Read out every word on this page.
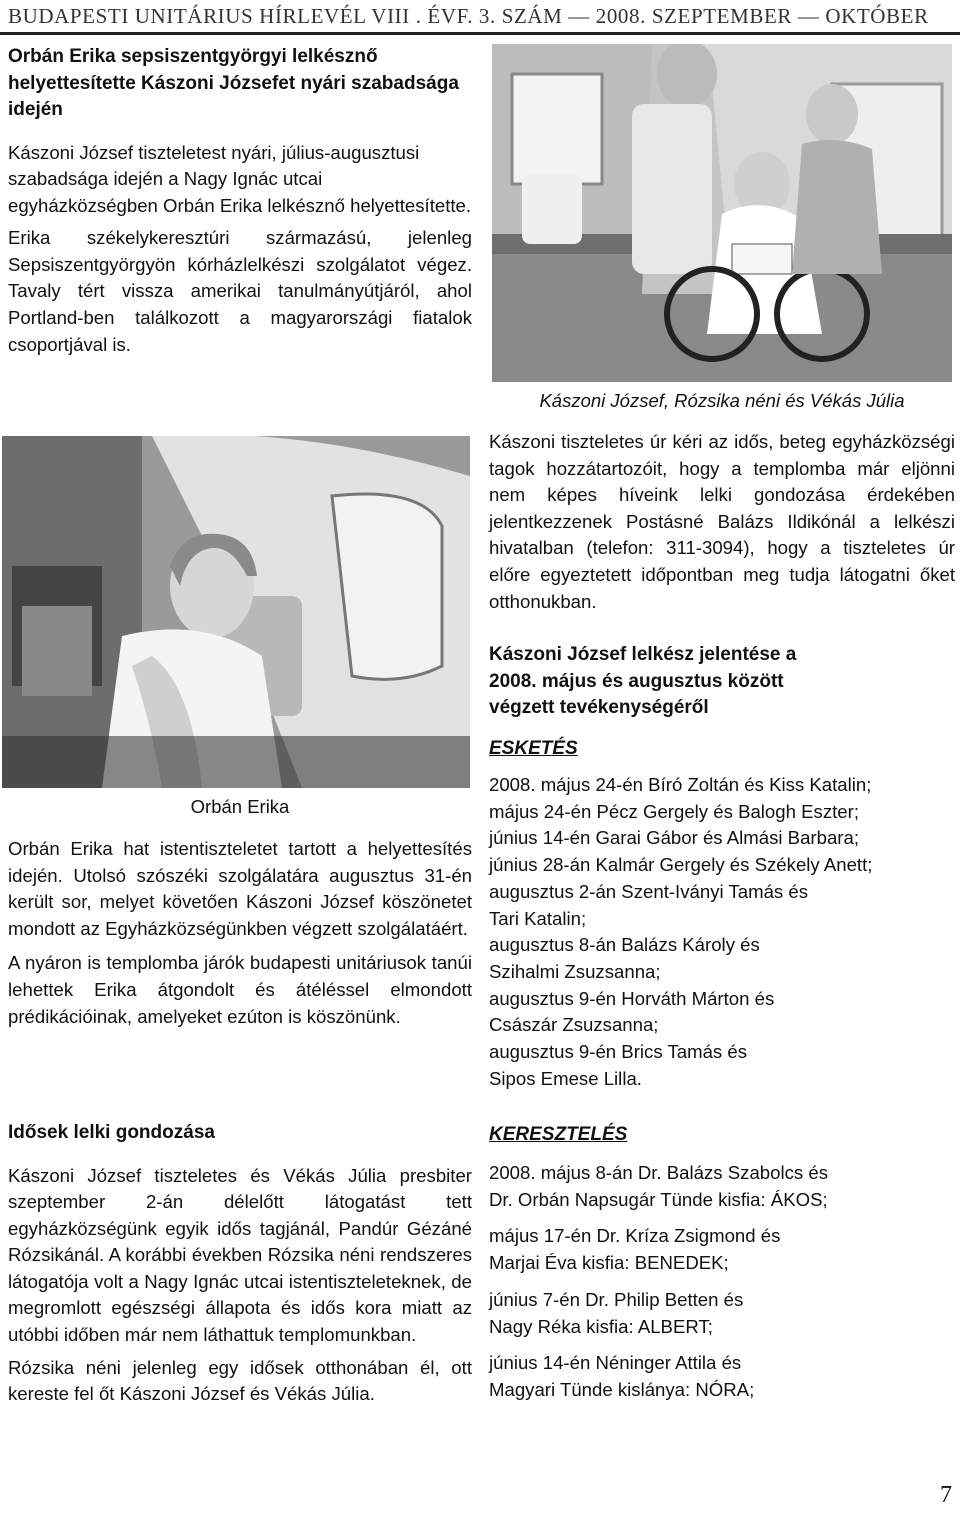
BUDAPESTI UNITÁRIUS HÍRLEVÉL VIII . ÉVF. 3. SZÁM — 2008. SZEPTEMBER — OKTÓBER
Orbán Erika sepsiszentgyörgyi lelkésznő helyettesítette Kászoni Józsefet nyári szabadsága idején

Kászoni József tiszteletest nyári, július-augusztusi szabadsága idején a Nagy Ignác utcai egyházközségben Orbán Erika lelkésznő helyettesítette.

Erika székelykeresztúri származású, jelenleg Sepsiszentgyörgyön kórházlelkészi szolgálatot végez. Tavaly tért vissza amerikai tanulmányútjáról, ahol Portland-ben találkozott a magyarországi fiatalok csoportjával is.

Orbán Erika

Orbán Erika hat istentiszteletet tartott a helyettesítés idején. Utolsó szószéki szolgálatára augusztus 31-én került sor, melyet követően Kászoni József köszönetet mondott az Egyházközségünkben végzett szolgálatáért.

A nyáron is templomba járók budapesti unitáriusok tanúi lehettek Erika átgondolt és átéléssel elmondott prédikációinak, amelyeket ezúton is köszönünk.

Idősek lelki gondozása

Kászoni József tiszteletes és Vékás Júlia presbiter szeptember 2-án délelőtt látogatást tett egyházközségünk egyik idős tagjánál, Pandúr Gézáné Rózsikánál. A korábbi években Rózsika néni rendszeres látogatója volt a Nagy Ignác utcai istentiszteleteknek, de megromlott egészségi állapota és idős kora miatt az utóbbi időben már nem láthattuk templomunkban.

Rózsika néni jelenleg egy idősek otthonában él, ott kereste fel őt Kászoni József és Vékás Júlia.

Kászoni József, Rózsika néni és Vékás Júlia

Kászoni tiszteletes úr kéri az idős, beteg egyházközségi tagok hozzátartozóit, hogy a templomba már eljönni nem képes híveink lelki gondozása érdekében jelentkezzenek Postásné Balázs Ildikónál a lelkészi hivatalban (telefon: 311-3094), hogy a tiszteletes úr előre egyeztetett időpontban meg tudja látogatni őket otthonukban.

Kászoni József lelkész jelentése a
2008. május és augusztus között
végzett tevékenységéről
ESKETÉS
2008. május 24-én Bíró Zoltán és Kiss Katalin;
május 24-én Pécz Gergely és Balogh Eszter;
június 14-én Garai Gábor és Almási Barbara;
június 28-án Kalmár Gergely és Székely Anett;
augusztus 2-án Szent-Iványi Tamás és
Tari Katalin;
augusztus 8-án Balázs Károly és
Szihalmi Zsuzsanna;
augusztus 9-én Horváth Márton és
Császár Zsuzsanna;
augusztus 9-én Brics Tamás és
Sipos Emese Lilla.
KERESZTELÉS
2008. május 8-án Dr. Balázs Szabolcs és
Dr. Orbán Napsugár Tünde kisfia: ÁKOS;
május 17-én Dr. Kríza Zsigmond és
Marjai Éva kisfia: BENEDEK;
június 7-én Dr. Philip Betten és
Nagy Réka kisfia: ALBERT;
június 14-én Néninger Attila és
Magyari Tünde kislánya: NÓRA;
7
